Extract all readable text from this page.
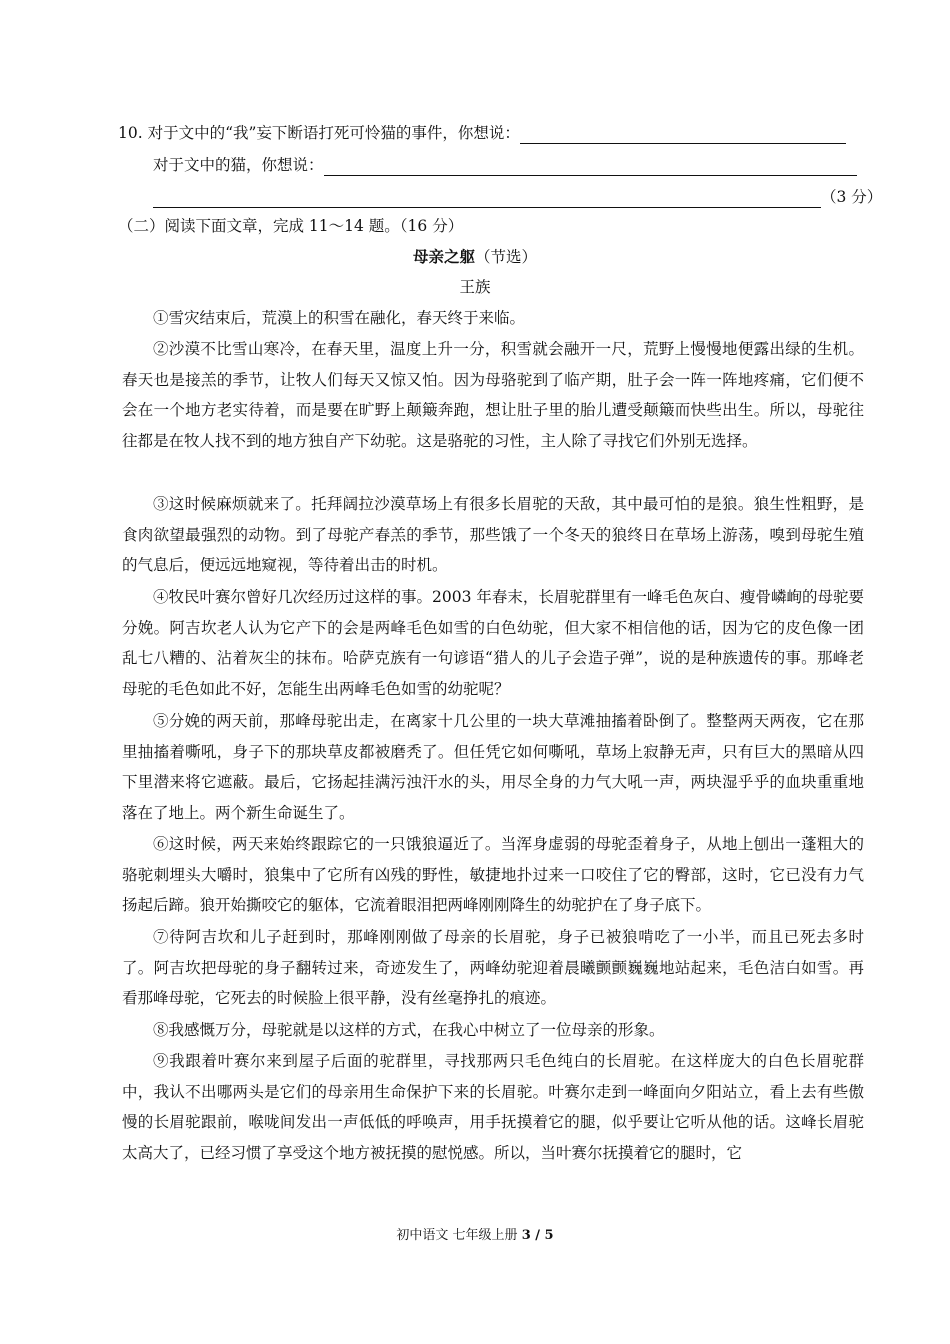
10. 对于文中的“我”妄下断语打死可怜猫的事件，你想说：
对于文中的猫，你想说：
（3 分）
（二）阅读下面文章，完成 11～14 题。（16 分）
母亲之躯（节选）
王族
①雪灾结束后，荒漠上的积雪在融化，春天终于来临。
②沙漠不比雪山寒冷，在春天里，温度上升一分，积雪就会融开一尺，荒野上慢慢地便露出绿的生机。春天也是接羔的季节，让牧人们每天又惊又怕。因为母骆驼到了临产期，肚子会一阵一阵地疼痛，它们便不会在一个地方老实待着，而是要在旷野上颠簸奔跑，想让肚子里的胎儿遭受颠簸而快些出生。所以，母驼往往都是在牧人找不到的地方独自产下幼驼。这是骆驼的习性，主人除了寻找它们外别无选择。
③这时候麻烦就来了。托拜阔拉沙漠草场上有很多长眉驼的天敌，其中最可怕的是狼。狼生性粗野，是食肉欲望最强烈的动物。到了母驼产春羔的季节，那些饿了一个冬天的狼终日在草场上游荡，嗅到母驼生殖的气息后，便远远地窥视，等待着出击的时机。
④牧民叶赛尔曾好几次经历过这样的事。2003 年春末，长眉驼群里有一峰毛色灰白、瘦骨嶙峋的母驼要分娩。阿吉坎老人认为它产下的会是两峰毛色如雪的白色幼驼，但大家不相信他的话，因为它的皮色像一团乱七八糟的、沾着灰尘的抹布。哈萨克族有一句谚语“猎人的儿子会造子弹”，说的是种族遗传的事。那峰老母驼的毛色如此不好，怎能生出两峰毛色如雪的幼驼呢？
⑤分娩的两天前，那峰母驼出走，在离家十几公里的一块大草滩抽搐着卧倒了。整整两天两夜，它在那里抽搐着嘶吼，身子下的那块草皮都被磨秃了。但任凭它如何嘶吼，草场上寂静无声，只有巨大的黑暗从四下里潜来将它遮蔽。最后，它扬起挂满污浊汗水的头，用尽全身的力气大吼一声，两块湿乎乎的血块重重地落在了地上。两个新生命诞生了。
⑥这时候，两天来始终跟踪它的一只饿狼逼近了。当浑身虚弱的母驼歪着身子，从地上刨出一蓬粗大的骆驼刺埋头大嚼时，狼集中了它所有凶残的野性，敏捷地扑过来一口咬住了它的臀部，这时，它已没有力气扬起后蹄。狼开始撕咬它的躯体，它流着眼泪把两峰刚刚降生的幼驼护在了身子底下。
⑦待阿吉坎和儿子赶到时，那峰刚刚做了母亲的长眉驼，身子已被狼啃吃了一小半，而且已死去多时了。阿吉坎把母驼的身子翻转过来，奇迹发生了，两峰幼驼迎着晨曦颤颤巍巍地站起来，毛色洁白如雪。再看那峰母驼，它死去的时候脸上很平静，没有丝毫挣扎的痕迹。
⑧我感慨万分，母驼就是以这样的方式，在我心中树立了一位母亲的形象。
⑨我跟着叶赛尔来到屋子后面的驼群里，寻找那两只毛色纯白的长眉驼。在这样庞大的白色长眉驼群中，我认不出哪两头是它们的母亲用生命保护下来的长眉驼。叶赛尔走到一峰面向夕阳站立，看上去有些傲慢的长眉驼跟前，喉咙间发出一声低低的呼唤声，用手抚摸着它的腿，似乎要让它听从他的话。这峰长眉驼太高大了，已经习惯了享受这个地方被抚摸的慰悦感。所以，当叶赛尔抚摸着它的腿时，它
初中语文 七年级上册 3 / 5
